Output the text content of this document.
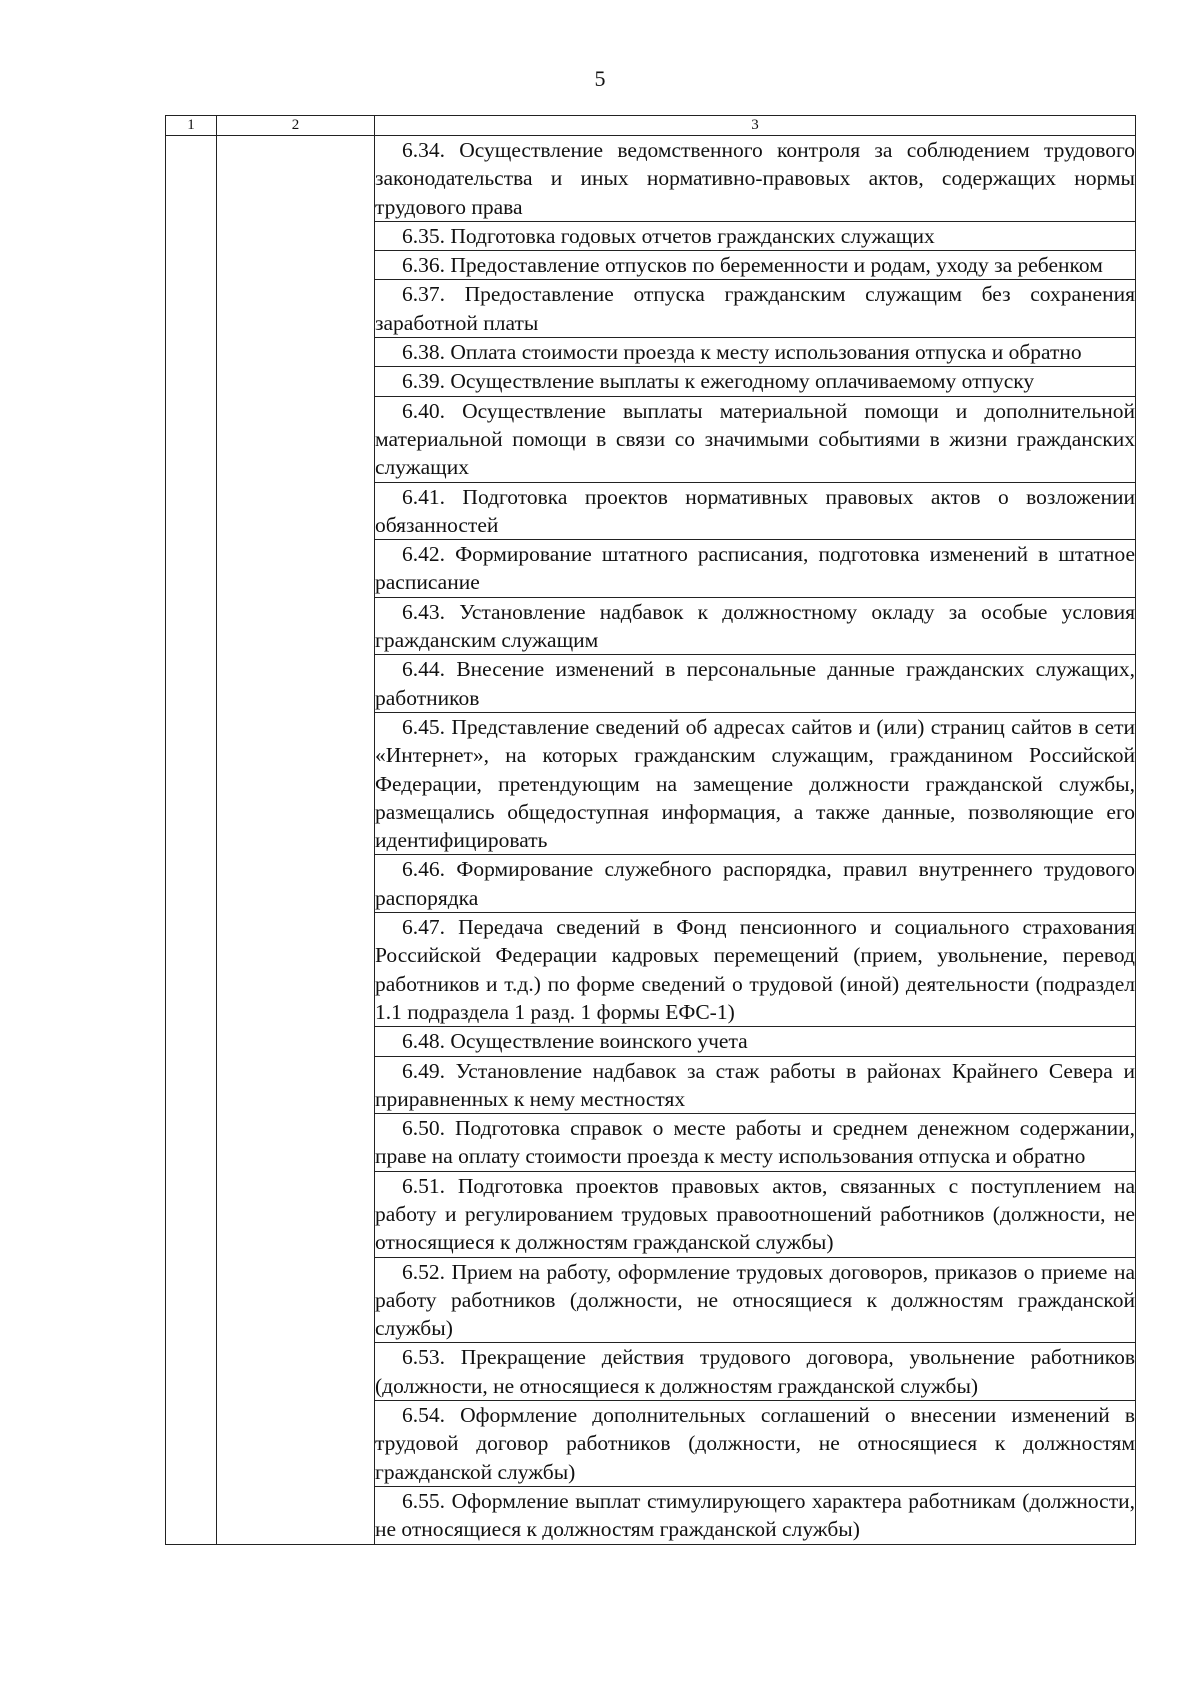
5
1	2	3
		6.34. Осуществление ведомственного контроля за соблюдением трудового законодательства и иных нормативно-правовых актов, содержащих нормы трудового права
		6.35. Подготовка годовых отчетов гражданских служащих
		6.36. Предоставление отпусков по беременности и родам, уходу за ребенком
		6.37. Предоставление отпуска гражданским служащим без сохранения заработной платы
		6.38. Оплата стоимости проезда к месту использования отпуска и обратно
		6.39. Осуществление выплаты к ежегодному оплачиваемому отпуску
		6.40. Осуществление выплаты материальной помощи и дополнительной материальной помощи в связи со значимыми событиями в жизни гражданских служащих
		6.41. Подготовка проектов нормативных правовых актов о возложении обязанностей
		6.42. Формирование штатного расписания, подготовка изменений в штатное расписание
		6.43. Установление надбавок к должностному окладу за особые условия гражданским служащим
		6.44. Внесение изменений в персональные данные гражданских служащих, работников
		6.45. Представление сведений об адресах сайтов и (или) страниц сайтов в сети «Интернет», на которых гражданским служащим, гражданином Российской Федерации, претендующим на замещение должности гражданской службы, размещались общедоступная информация, а также данные, позволяющие его идентифицировать
		6.46. Формирование служебного распорядка, правил внутреннего трудового распорядка
		6.47. Передача сведений в Фонд пенсионного и социального страхования Российской Федерации кадровых перемещений (прием, увольнение, перевод работников и т.д.) по форме сведений о трудовой (иной) деятельности (подраздел 1.1 подраздела 1 разд. 1 формы ЕФС-1)
		6.48. Осуществление воинского учета
		6.49. Установление надбавок за стаж работы в районах Крайнего Севера и приравненных к нему местностях
		6.50. Подготовка справок о месте работы и среднем денежном содержании, праве на оплату стоимости проезда к месту использования отпуска и обратно
		6.51. Подготовка проектов правовых актов, связанных с поступлением на работу и регулированием трудовых правоотношений работников (должности, не относящиеся к должностям гражданской службы)
		6.52. Прием на работу, оформление трудовых договоров, приказов о приеме на работу работников (должности, не относящиеся к должностям гражданской службы)
		6.53. Прекращение действия трудового договора, увольнение работников (должности, не относящиеся к должностям гражданской службы)
		6.54. Оформление дополнительных соглашений о внесении изменений в трудовой договор работников (должности, не относящиеся к должностям гражданской службы)
		6.55. Оформление выплат стимулирующего характера работникам (должности, не относящиеся к должностям гражданской службы)
